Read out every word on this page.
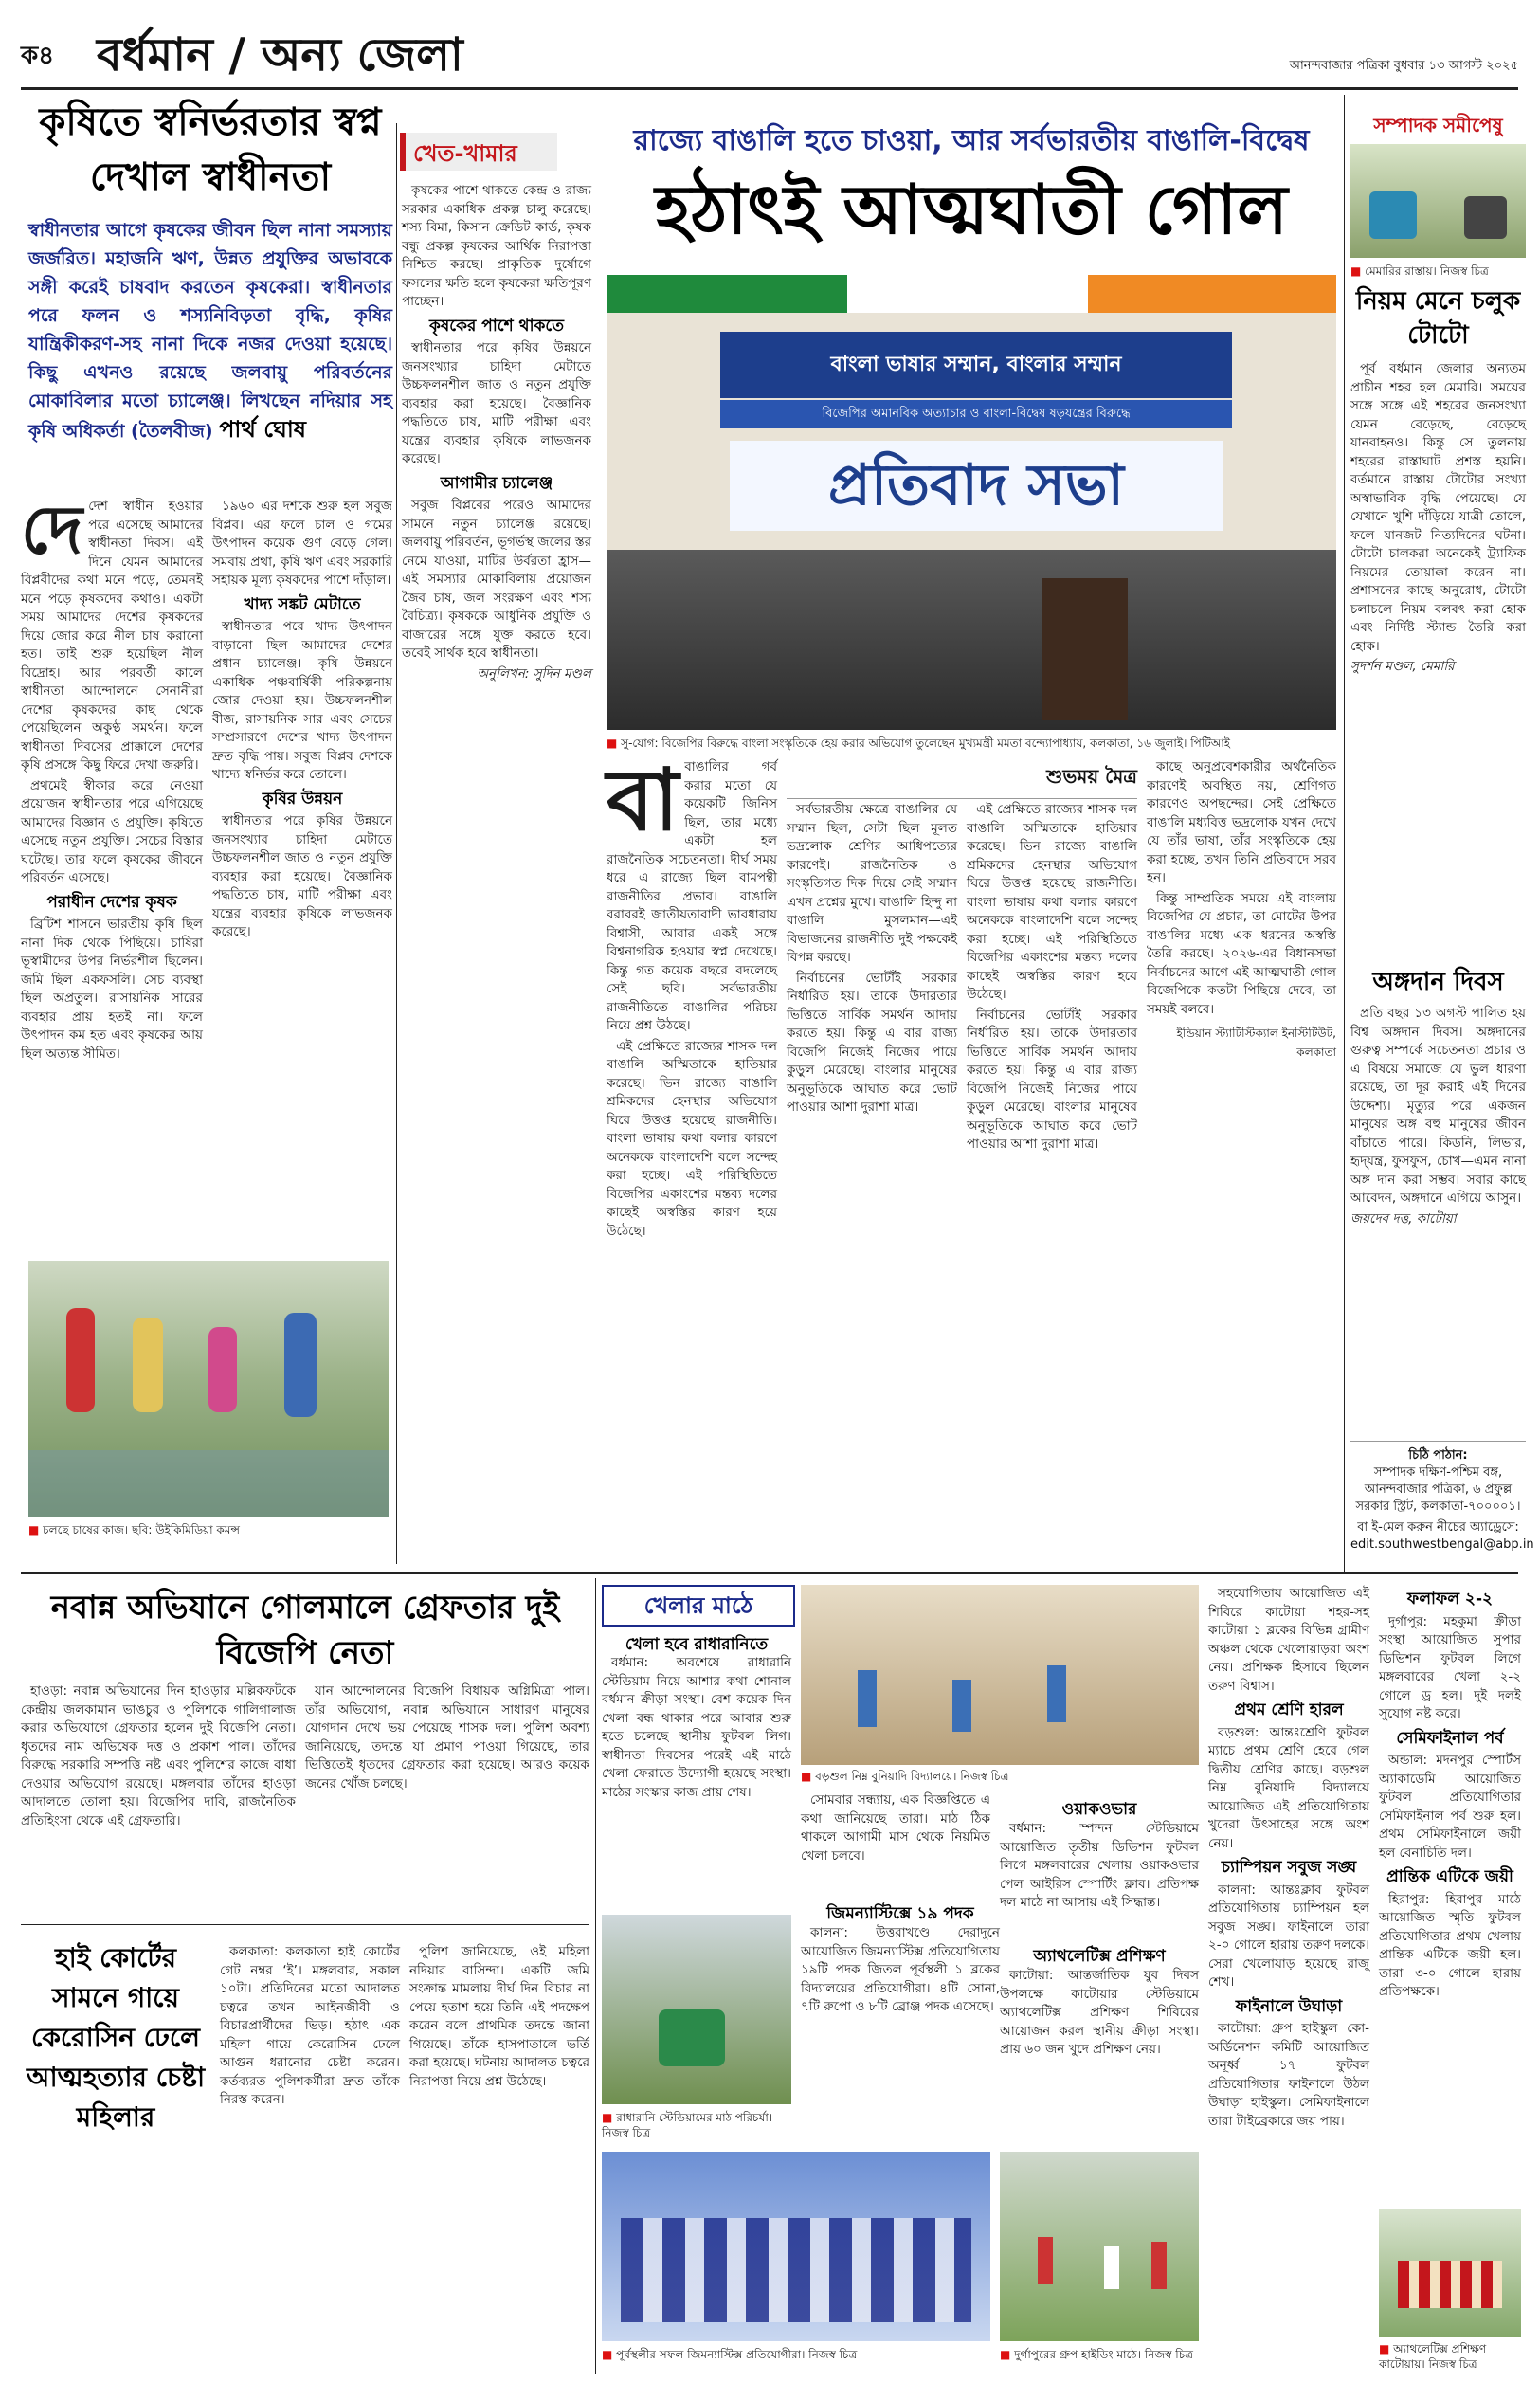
ক৪ বর্ধমান / অন্য জেলা	আনন্দবাজার পত্রিকা বুধবার ১৩ আগস্ট ২০২৫
কৃষিতে স্বনির্ভরতার স্বপ্ন দেখাল স্বাধীনতা
স্বাধীনতার আগে কৃষকের জীবন ছিল নানা সমস্যায় জর্জরিত। মহাজনি ঋণ, উন্নত প্রযুক্তির অভাবকে সঙ্গী করেই চাষবাদ করতেন কৃষকেরা। স্বাধীনতার পরে ফলন ও শস্যনিবিড়তা বৃদ্ধি, কৃষির যান্ত্রিকীকরণ-সহ নানা দিকে নজর দেওয়া হয়েছে। কিছু এখনও রয়েছে জলবায়ু পরিবর্তনের মোকাবিলার মতো চ্যালেঞ্জ। লিখছেন নদিয়ার সহ কৃষি অধিকর্তা (তৈলবীজ) পার্থ ঘোষ
খেত-খামার

দেদেশ স্বাধীন হওয়ার পরে এসেছে আমাদের স্বাধীনতা দিবস। এই দিনে যেমন আমাদের বিপ্লবীদের কথা মনে পড়ে, তেমনই মনে পড়ে কৃষকদের কথাও। একটা সময় আমাদের দেশের কৃষকদের দিয়ে জোর করে নীল চাষ করানো হত। তাই শুরু হয়েছিল নীল বিদ্রোহ। আর পরবর্তী কালে স্বাধীনতা আন্দোলনে সেনানীরা দেশের কৃষকদের কাছ থেকে পেয়েছিলেন অকুণ্ঠ সমর্থন। ফলে স্বাধীনতা দিবসের প্রাক্কালে দেশের কৃষি প্রসঙ্গে কিছু ফিরে দেখা জরুরি।

প্রথমেই স্বীকার করে নেওয়া প্রয়োজন স্বাধীনতার পরে এগিয়েছে আমাদের বিজ্ঞান ও প্রযুক্তি। কৃষিতে এসেছে নতুন প্রযুক্তি। সেচের বিস্তার ঘটেছে। তার ফলে কৃষকের জীবনে পরিবর্তন এসেছে।

পরাধীন দেশের কৃষক

ব্রিটিশ শাসনে ভারতীয় কৃষি ছিল নানা দিক থেকে পিছিয়ে। চাষিরা ভূস্বামীদের উপর নির্ভরশীল ছিলেন। জমি ছিল একফসলি। সেচ ব্যবস্থা ছিল অপ্রতুল। রাসায়নিক সারের ব্যবহার প্রায় হতই না। ফলে উৎপাদন কম হত এবং কৃষকের আয় ছিল অত্যন্ত সীমিত।

১৯৬০ এর দশকে শুরু হল সবুজ বিপ্লব। এর ফলে চাল ও গমের উৎপাদন কয়েক গুণ বেড়ে গেল। সমবায় প্রথা, কৃষি ঋণ এবং সরকারি সহায়ক মূল্য কৃষকদের পাশে দাঁড়াল।

খাদ্য সঙ্কট মেটাতে

স্বাধীনতার পরে খাদ্য উৎপাদন বাড়ানো ছিল আমাদের দেশের প্রধান চ্যালেঞ্জ। কৃষি উন্নয়নে একাধিক পঞ্চবার্ষিকী পরিকল্পনায় জোর দেওয়া হয়। উচ্চফলনশীল বীজ, রাসায়নিক সার এবং সেচের সম্প্রসারণে দেশের খাদ্য উৎপাদন দ্রুত বৃদ্ধি পায়। সবুজ বিপ্লব দেশকে খাদ্যে স্বনির্ভর করে তোলে।

কৃষির উন্নয়ন

স্বাধীনতার পরে কৃষির উন্নয়নে জনসংখ্যার চাহিদা মেটাতে উচ্চফলনশীল জাত ও নতুন প্রযুক্তি ব্যবহার করা হয়েছে। বৈজ্ঞানিক পদ্ধতিতে চাষ, মাটি পরীক্ষা এবং যন্ত্রের ব্যবহার কৃষিকে লাভজনক করেছে।

কৃষকের পাশে থাকতে কেন্দ্র ও রাজ্য সরকার একাধিক প্রকল্প চালু করেছে। শস্য বিমা, কিসান ক্রেডিট কার্ড, কৃষক বন্ধু প্রকল্প কৃষকের আর্থিক নিরাপত্তা নিশ্চিত করছে। প্রাকৃতিক দুর্যোগে ফসলের ক্ষতি হলে কৃষকেরা ক্ষতিপূরণ পাচ্ছেন।

কৃষকের পাশে থাকতে

স্বাধীনতার পরে কৃষির উন্নয়নে জনসংখ্যার চাহিদা মেটাতে উচ্চফলনশীল জাত ও নতুন প্রযুক্তি ব্যবহার করা হয়েছে। বৈজ্ঞানিক পদ্ধতিতে চাষ, মাটি পরীক্ষা এবং যন্ত্রের ব্যবহার কৃষিকে লাভজনক করেছে।

আগামীর চ্যালেঞ্জ

সবুজ বিপ্লবের পরেও আমাদের সামনে নতুন চ্যালেঞ্জ রয়েছে। জলবায়ু পরিবর্তন, ভূগর্ভস্থ জলের স্তর নেমে যাওয়া, মাটির উর্বরতা হ্রাস—এই সমস্যার মোকাবিলায় প্রয়োজন জৈব চাষ, জল সংরক্ষণ এবং শস্য বৈচিত্র্য। কৃষককে আধুনিক প্রযুক্তি ও বাজারের সঙ্গে যুক্ত করতে হবে। তবেই সার্থক হবে স্বাধীনতা।

অনুলিখন: সুদিন মণ্ডল
■ চলছে চাষের কাজ। ছবি: উইকিমিডিয়া কমন্স
রাজ্যে বাঙালি হতে চাওয়া, আর সর্বভারতীয় বাঙালি-বিদ্বেষ
হঠাৎই আত্মঘাতী গোল
বাংলা ভাষার সম্মান, বাংলার সম্মান
বিজেপির অমানবিক অত্যাচার ও বাংলা-বিদ্বেষ ষড়যন্ত্রের বিরুদ্ধে
প্রতিবাদ সভা
■ সু-যোগ: বিজেপির বিরুদ্ধে বাংলা সংস্কৃতিকে হেয় করার অভিযোগ তুলেছেন মুখ্যমন্ত্রী মমতা বন্দ্যোপাধ্যায়, কলকাতা, ১৬ জুলাই। পিটিআই

বাবাঙালির গর্ব করার মতো যে কয়েকটি জিনিস ছিল, তার মধ্যে একটা হল রাজনৈতিক সচেতনতা। দীর্ঘ সময় ধরে এ রাজ্যে ছিল বামপন্থী রাজনীতির প্রভাব। বাঙালি বরাবরই জাতীয়তাবাদী ভাবধারায় বিশ্বাসী, আবার একই সঙ্গে বিশ্বনাগরিক হওয়ার স্বপ্ন দেখেছে। কিন্তু গত কয়েক বছরে বদলেছে সেই ছবি। সর্বভারতীয় রাজনীতিতে বাঙালির পরিচয় নিয়ে প্রশ্ন উঠছে।

এই প্রেক্ষিতে রাজ্যের শাসক দল বাঙালি অস্মিতাকে হাতিয়ার করেছে। ভিন রাজ্যে বাঙালি শ্রমিকদের হেনস্থার অভিযোগ ঘিরে উত্তপ্ত হয়েছে রাজনীতি। বাংলা ভাষায় কথা বলার কারণে অনেককে বাংলাদেশি বলে সন্দেহ করা হচ্ছে। এই পরিস্থিতিতে বিজেপির একাংশের মন্তব্য দলের কাছেই অস্বস্তির কারণ হয়ে উঠেছে।

শুভময় মৈত্র

সর্বভারতীয় ক্ষেত্রে বাঙালির যে সম্মান ছিল, সেটা ছিল মূলত ভদ্রলোক শ্রেণির আধিপত্যের কারণেই। রাজনৈতিক ও সংস্কৃতিগত দিক দিয়ে সেই সম্মান এখন প্রশ্নের মুখে। বাঙালি হিন্দু না বাঙালি মুসলমান—এই বিভাজনের রাজনীতি দুই পক্ষকেই বিপন্ন করছে।

নির্বাচনের ভোটাঁই সরকার নির্ধারিত হয়। তাকে উদারতার ভিত্তিতে সার্বিক সমর্থন আদায় করতে হয়। কিন্তু এ বার রাজ্য বিজেপি নিজেই নিজের পায়ে কুড়ুল মেরেছে। বাংলার মানুষের অনুভূতিকে আঘাত করে ভোট পাওয়ার আশা দুরাশা মাত্র।

এই প্রেক্ষিতে রাজ্যের শাসক দল বাঙালি অস্মিতাকে হাতিয়ার করেছে। ভিন রাজ্যে বাঙালি শ্রমিকদের হেনস্থার অভিযোগ ঘিরে উত্তপ্ত হয়েছে রাজনীতি। বাংলা ভাষায় কথা বলার কারণে অনেককে বাংলাদেশি বলে সন্দেহ করা হচ্ছে। এই পরিস্থিতিতে বিজেপির একাংশের মন্তব্য দলের কাছেই অস্বস্তির কারণ হয়ে উঠেছে।

নির্বাচনের ভোটাঁই সরকার নির্ধারিত হয়। তাকে উদারতার ভিত্তিতে সার্বিক সমর্থন আদায় করতে হয়। কিন্তু এ বার রাজ্য বিজেপি নিজেই নিজের পায়ে কুড়ুল মেরেছে। বাংলার মানুষের অনুভূতিকে আঘাত করে ভোট পাওয়ার আশা দুরাশা মাত্র।

কাছে অনুপ্রবেশকারীর অর্থনৈতিক কারণেই অবস্থিত নয়, শ্রেণিগত কারণেও অপছন্দের। সেই প্রেক্ষিতে বাঙালি মধ্যবিত্ত ভদ্রলোক যখন দেখে যে তাঁর ভাষা, তাঁর সংস্কৃতিকে হেয় করা হচ্ছে, তখন তিনি প্রতিবাদে সরব হন।

কিন্তু সাম্প্রতিক সময়ে এই বাংলায় বিজেপির যে প্রচার, তা মোটের উপর বাঙালির মধ্যে এক ধরনের অস্বস্তি তৈরি করছে। ২০২৬-এর বিধানসভা নির্বাচনের আগে এই আত্মঘাতী গোল বিজেপিকে কতটা পিছিয়ে দেবে, তা সময়ই বলবে।

ইন্ডিয়ান স্ট্যাটিস্টিক্যাল ইনস্টিটিউট, কলকাতা
সম্পাদক সমীপেষু
■ মেমারির রাস্তায়। নিজস্ব চিত্র
নিয়ম মেনে চলুক টোটো

পূর্ব বর্ধমান জেলার অন্যতম প্রাচীন শহর হল মেমারি। সময়ের সঙ্গে সঙ্গে এই শহরের জনসংখ্যা যেমন বেড়েছে, বেড়েছে যানবাহনও। কিন্তু সে তুলনায় শহরের রাস্তাঘাট প্রশস্ত হয়নি। বর্তমানে রাস্তায় টোটোর সংখ্যা অস্বাভাবিক বৃদ্ধি পেয়েছে। যে যেখানে খুশি দাঁড়িয়ে যাত্রী তোলে, ফলে যানজট নিত্যদিনের ঘটনা। টোটো চালকরা অনেকেই ট্র্যাফিক নিয়মের তোয়াক্কা করেন না। প্রশাসনের কাছে অনুরোধ, টোটো চলাচলে নিয়ম বলবৎ করা হোক এবং নির্দিষ্ট স্ট্যান্ড তৈরি করা হোক।

সুদর্শন মণ্ডল, মেমারি
অঙ্গদান দিবস

প্রতি বছর ১৩ অগস্ট পালিত হয় বিশ্ব অঙ্গদান দিবস। অঙ্গদানের গুরুত্ব সম্পর্কে সচেতনতা প্রচার ও এ বিষয়ে সমাজে যে ভুল ধারণা রয়েছে, তা দূর করাই এই দিনের উদ্দেশ্য। মৃত্যুর পরে একজন মানুষের অঙ্গ বহু মানুষের জীবন বাঁচাতে পারে। কিডনি, লিভার, হৃদ্‌যন্ত্র, ফুসফুস, চোখ—এমন নানা অঙ্গ দান করা সম্ভব। সবার কাছে আবেদন, অঙ্গদানে এগিয়ে আসুন।

জয়দেব দত্ত, কাটোয়া
চিঠি পাঠান:
সম্পাদক দক্ষিণ-পশ্চিম বঙ্গ, আনন্দবাজার পত্রিকা, ৬ প্রফুল্ল সরকার স্ট্রিট, কলকাতা-৭০০০০১।
বা ই-মেল করুন নীচের অ্যাড্রেসে: edit.southwestbengal@abp.in
নবান্ন অভিযানে গোলমালে গ্রেফতার দুই বিজেপি নেতা

হাওড়া: নবান্ন অভিযানের দিন হাওড়ার মল্লিকফটকে কেন্দ্রীয় জলকামান ভাঙচুর ও পুলিশকে গালিগালাজ করার অভিযোগে গ্রেফতার হলেন দুই বিজেপি নেতা। ধৃতদের নাম অভিষেক দত্ত ও প্রকাশ পাল। তাঁদের বিরুদ্ধে সরকারি সম্পত্তি নষ্ট এবং পুলিশের কাজে বাধা দেওয়ার অভিযোগ রয়েছে। মঙ্গলবার তাঁদের হাওড়া আদালতে তোলা হয়। বিজেপির দাবি, রাজনৈতিক প্রতিহিংসা থেকে এই গ্রেফতারি।

যান আন্দোলনের বিজেপি বিধায়ক অগ্নিমিত্রা পাল। তাঁর অভিযোগ, নবান্ন অভিযানে সাধারণ মানুষের যোগদান দেখে ভয় পেয়েছে শাসক দল। পুলিশ অবশ্য জানিয়েছে, তদন্তে যা প্রমাণ পাওয়া গিয়েছে, তার ভিত্তিতেই ধৃতদের গ্রেফতার করা হয়েছে। আরও কয়েক জনের খোঁজ চলছে।

হাই কোর্টের সামনে গায়ে কেরোসিন ঢেলে আত্মহত্যার চেষ্টা মহিলার

কলকাতা: কলকাতা হাই কোর্টের গেট নম্বর ‘ই’। মঙ্গলবার, সকাল ১০টা। প্রতিদিনের মতো আদালত চত্বরে তখন আইনজীবী ও বিচারপ্রার্থীদের ভিড়। হঠাৎ এক মহিলা গায়ে কেরোসিন ঢেলে আগুন ধরানোর চেষ্টা করেন। কর্তব্যরত পুলিশকর্মীরা দ্রুত তাঁকে নিরস্ত করেন।

পুলিশ জানিয়েছে, ওই মহিলা নদিয়ার বাসিন্দা। একটি জমি সংক্রান্ত মামলায় দীর্ঘ দিন বিচার না পেয়ে হতাশ হয়ে তিনি এই পদক্ষেপ করেন বলে প্রাথমিক তদন্তে জানা গিয়েছে। তাঁকে হাসপাতালে ভর্তি করা হয়েছে। ঘটনায় আদালত চত্বরে নিরাপত্তা নিয়ে প্রশ্ন উঠেছে।

খেলার মাঠে
খেলা হবে রাধারানিতে

বর্ধমান: অবশেষে রাধারানি স্টেডিয়াম নিয়ে আশার কথা শোনাল বর্ধমান ক্রীড়া সংস্থা। বেশ কয়েক দিন খেলা বন্ধ থাকার পরে আবার শুরু হতে চলেছে স্থানীয় ফুটবল লিগ। স্বাধীনতা দিবসের পরেই এই মাঠে খেলা ফেরাতে উদ্যোগী হয়েছে সংস্থা। মাঠের সংস্কার কাজ প্রায় শেষ।

■ বড়শুল নিম্ন বুনিয়াদি বিদ্যালয়ে। নিজস্ব চিত্র

সোমবার সন্ধ্যায়, এক বিজ্ঞপ্তিতে এ কথা জানিয়েছে তারা। মাঠ ঠিক থাকলে আগামী মাস থেকে নিয়মিত খেলা চলবে।

জিমন্যাস্টিক্সে ১৯ পদক

কালনা: উত্তরাখণ্ডে দেরাদুনে আয়োজিত জিমন্যাস্টিক্স প্রতিযোগিতায় ১৯টি পদক জিতল পূর্বস্থলী ১ ব্লকের বিদ্যালয়ের প্রতিযোগীরা। ৪টি সোনা, ৭টি রুপো ও ৮টি ব্রোঞ্জ পদক এসেছে।

■ রাধারানি স্টেডিয়ামের মাঠ পরিচর্যা। নিজস্ব চিত্র
■ পূর্বস্থলীর সফল জিমন্যাস্টিক্স প্রতিযোগীরা। নিজস্ব চিত্র
ওয়াকওভার

বর্ধমান: স্পন্দন স্টেডিয়ামে আয়োজিত তৃতীয় ডিভিশন ফুটবল লিগে মঙ্গলবারের খেলায় ওয়াকওভার পেল আইরিস স্পোর্টিং ক্লাব। প্রতিপক্ষ দল মাঠে না আসায় এই সিদ্ধান্ত।

অ্যাথলেটিক্স প্রশিক্ষণ

কাটোয়া: আন্তর্জাতিক যুব দিবস উপলক্ষে কাটোয়ার স্টেডিয়ামে অ্যাথলেটিক্স প্রশিক্ষণ শিবিরের আয়োজন করল স্থানীয় ক্রীড়া সংস্থা। প্রায় ৬০ জন খুদে প্রশিক্ষণ নেয়।

■ দুর্গাপুরের গ্রুপ হাইডিং মাঠে। নিজস্ব চিত্র

সহযোগিতায় আয়োজিত এই শিবিরে কাটোয়া শহর-সহ কাটোয়া ১ ব্লকের বিভিন্ন গ্রামীণ অঞ্চল থেকে খেলোয়াড়রা অংশ নেয়। প্রশিক্ষক হিসাবে ছিলেন তরুণ বিশ্বাস।

প্রথম শ্রেণি হারল

বড়শুল: আন্তঃশ্রেণি ফুটবল ম্যাচে প্রথম শ্রেণি হেরে গেল দ্বিতীয় শ্রেণির কাছে। বড়শুল নিম্ন বুনিয়াদি বিদ্যালয়ে আয়োজিত এই প্রতিযোগিতায় খুদেরা উৎসাহের সঙ্গে অংশ নেয়।

চ্যাম্পিয়ন সবুজ সঙ্ঘ

কালনা: আন্তঃক্লাব ফুটবল প্রতিযোগিতায় চ্যাম্পিয়ন হল সবুজ সঙ্ঘ। ফাইনালে তারা ২-০ গোলে হারায় তরুণ দলকে। সেরা খেলোয়াড় হয়েছে রাজু শেখ।

ফাইনালে উঘাড়া

কাটোয়া: গ্রুপ হাইস্কুল কো-অর্ডিনেশন কমিটি আয়োজিত অনূর্ধ্ব ১৭ ফুটবল প্রতিযোগিতার ফাইনালে উঠল উঘাড়া হাইস্কুল। সেমিফাইনালে তারা টাইব্রেকারে জয় পায়।

ফলাফল ২-২

দুর্গাপুর: মহকুমা ক্রীড়া সংস্থা আয়োজিত সুপার ডিভিশন ফুটবল লিগে মঙ্গলবারের খেলা ২-২ গোলে ড্র হল। দুই দলই সুযোগ নষ্ট করে।

সেমিফাইনাল পর্ব

অন্ডাল: মদনপুর স্পোর্টস অ্যাকাডেমি আয়োজিত ফুটবল প্রতিযোগিতার সেমিফাইনাল পর্ব শুরু হল। প্রথম সেমিফাইনালে জয়ী হল বেনাচিতি দল।

প্রান্তিক এটিকে জয়ী

হিরাপুর: হিরাপুর মাঠে আয়োজিত স্মৃতি ফুটবল প্রতিযোগিতার প্রথম খেলায় প্রান্তিক এটিকে জয়ী হল। তারা ৩-০ গোলে হারায় প্রতিপক্ষকে।

■ অ্যাথলেটিক্স প্রশিক্ষণ কাটোয়ায়। নিজস্ব চিত্র
